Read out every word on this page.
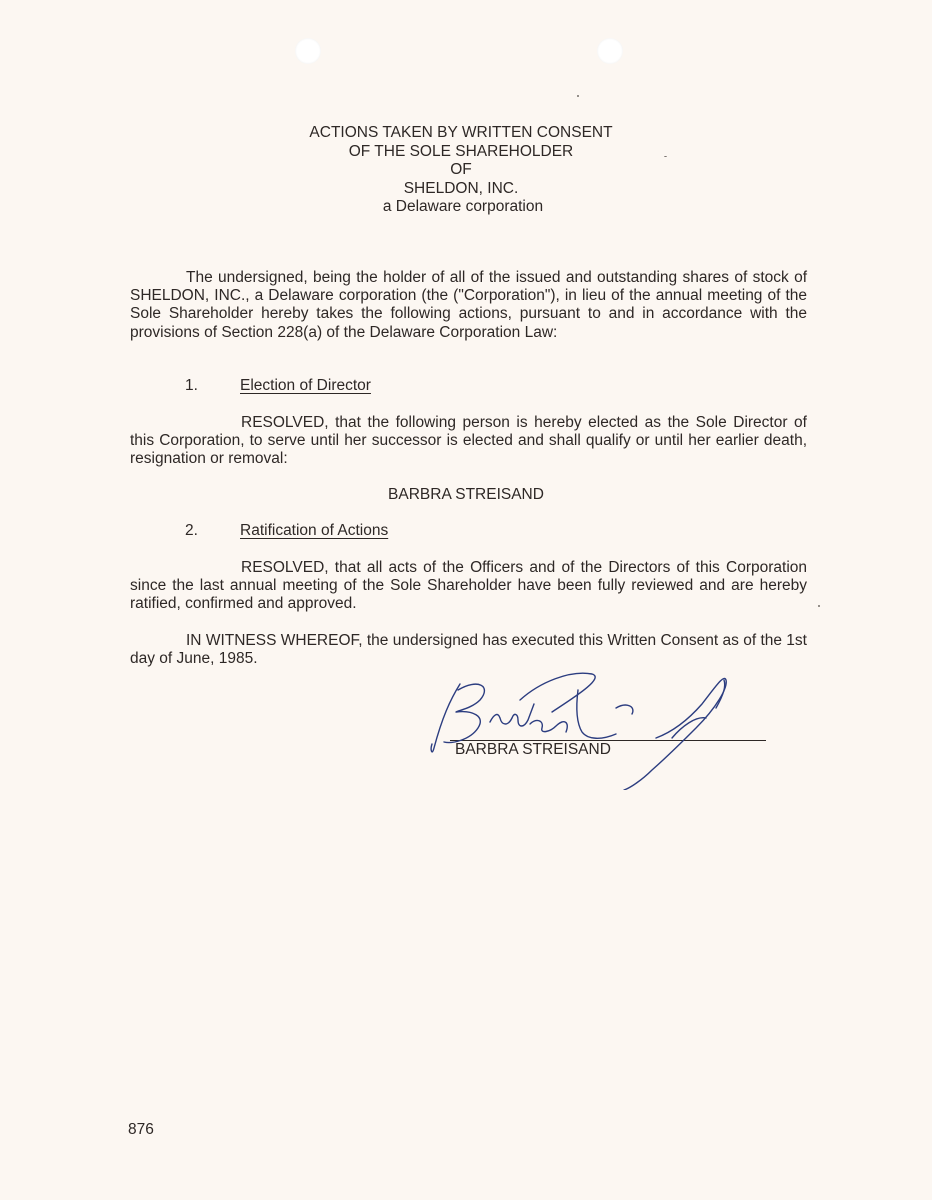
ACTIONS TAKEN BY WRITTEN CONSENT
OF THE SOLE SHAREHOLDER
OF
SHELDON, INC.
a Delaware corporation
The undersigned, being the holder of all of the issued and outstanding shares of stock of SHELDON, INC., a Delaware corporation (the ("Corporation"), in lieu of the annual meeting of the Sole Shareholder hereby takes the following actions, pursuant to and in accordance with the provisions of Section 228(a) of the Delaware Corporation Law:
1.	Election of Director
RESOLVED, that the following person is hereby elected as the Sole Director of this Corporation, to serve until her successor is elected and shall qualify or until her earlier death, resignation or removal:
BARBRA STREISAND
2.	Ratification of Actions
RESOLVED, that all acts of the Officers and of the Directors of this Corporation since the last annual meeting of the Sole Shareholder have been fully reviewed and are hereby ratified, confirmed and approved.
IN WITNESS WHEREOF, the undersigned has executed this Written Consent as of the 1st day of June, 1985.
BARBRA STREISAND
876
